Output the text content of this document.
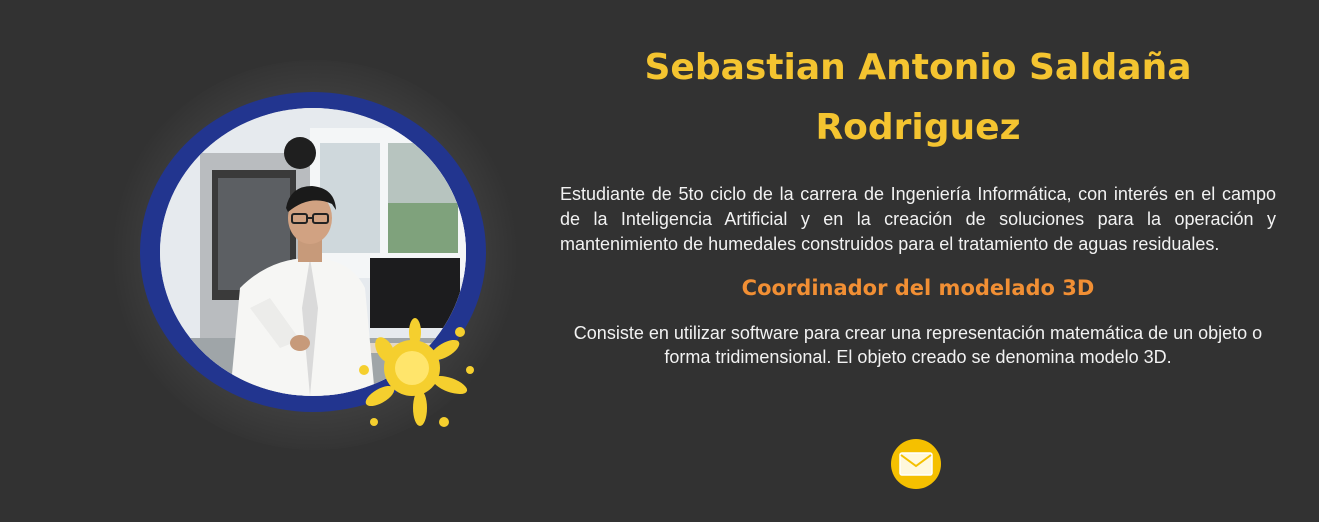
Sebastian Antonio Saldaña Rodriguez

Estudiante de 5to ciclo de la carrera de Ingeniería Informática, con interés en el campo de la Inteligencia Artificial y en la creación de soluciones para la operación y mantenimiento de humedales construidos para el tratamiento de aguas residuales.

Coordinador del modelado 3D

Consiste en utilizar software para crear una representación matemática de un objeto o forma tridimensional. El objeto creado se denomina modelo 3D.
